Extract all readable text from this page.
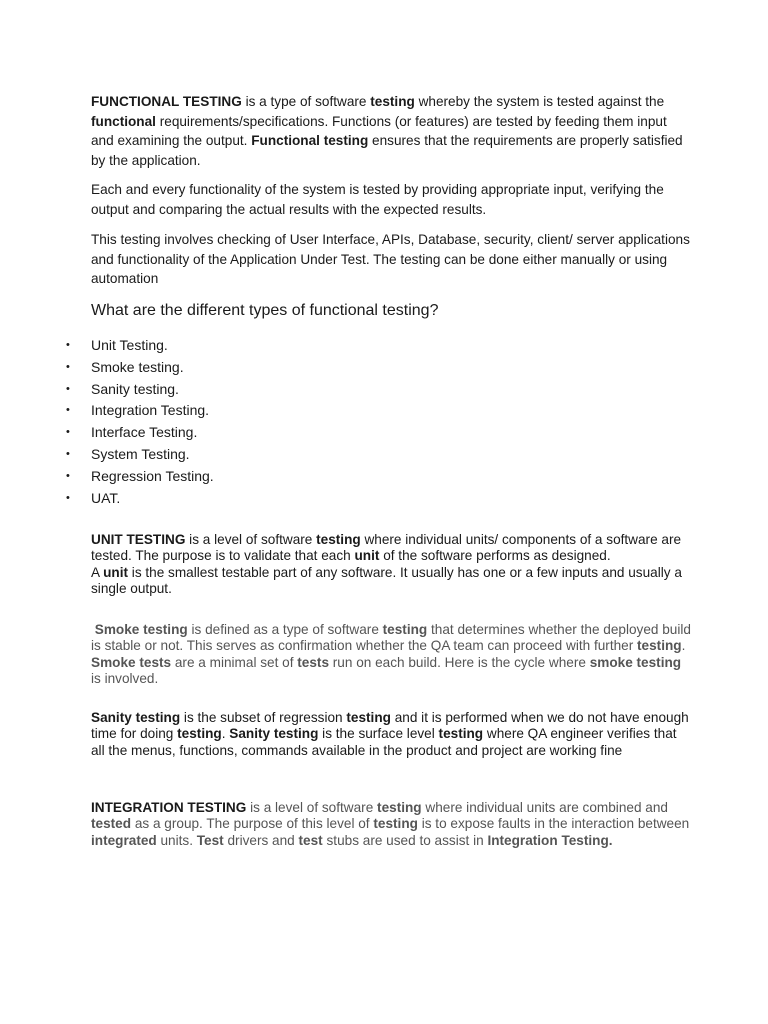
FUNCTIONAL TESTING is a type of software testing whereby the system is tested against the functional requirements/specifications. Functions (or features) are tested by feeding them input and examining the output. Functional testing ensures that the requirements are properly satisfied by the application.

Each and every functionality of the system is tested by providing appropriate input, verifying the output and comparing the actual results with the expected results.

This testing involves checking of User Interface, APIs, Database, security, client/ server applications and functionality of the Application Under Test. The testing can be done either manually or using automation

What are the different types of functional testing?
• Unit Testing.
• Smoke testing.
• Sanity testing.
• Integration Testing.
• Interface Testing.
• System Testing.
• Regression Testing.
• UAT.

UNIT TESTING is a level of software testing where individual units/ components of a software are tested. The purpose is to validate that each unit of the software performs as designed.
A unit is the smallest testable part of any software. It usually has one or a few inputs and usually a single output.

Smoke testing is defined as a type of software testing that determines whether the deployed build is stable or not. This serves as confirmation whether the QA team can proceed with further testing. Smoke tests are a minimal set of tests run on each build. Here is the cycle where smoke testing is involved.

Sanity testing is the subset of regression testing and it is performed when we do not have enough time for doing testing. Sanity testing is the surface level testing where QA engineer verifies that all the menus, functions, commands available in the product and project are working fine

INTEGRATION TESTING is a level of software testing where individual units are combined and tested as a group. The purpose of this level of testing is to expose faults in the interaction between integrated units. Test drivers and test stubs are used to assist in Integration Testing.
